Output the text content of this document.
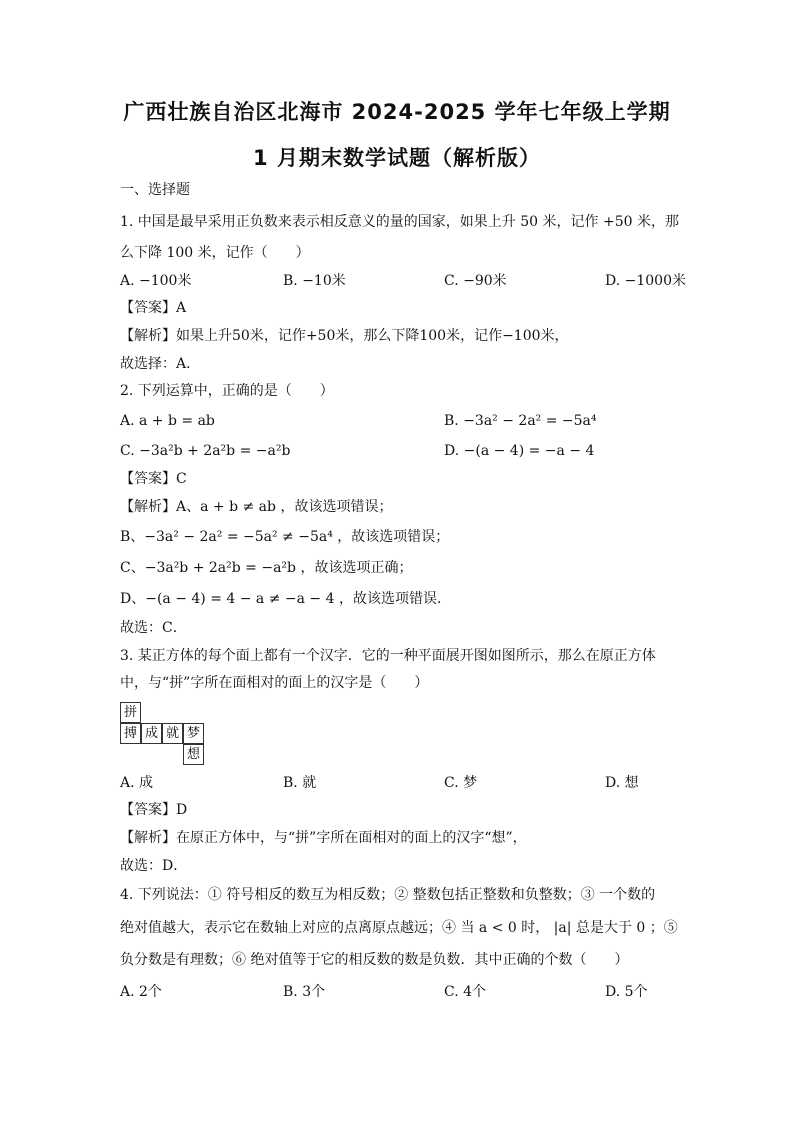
广西壮族自治区北海市 2024-2025 学年七年级上学期
1 月期末数学试题（解析版）
一、选择题
1. 中国是最早采用正负数来表示相反意义的量的国家，如果上升 50 米，记作 +50 米，那
么下降 100 米，记作（　　）
A. −100米	B. −10米	C. −90米	D. −1000米
【答案】A
【解析】如果上升50米，记作+50米，那么下降100米，记作−100米，
故选择：A．
2. 下列运算中，正确的是（　　）
A. a + b = ab	B. −3a² − 2a² = −5a⁴
C. −3a²b + 2a²b = −a²b	D. −(a − 4) = −a − 4
【答案】C
【解析】A、a + b ≠ ab ，故该选项错误；
B、−3a² − 2a² = −5a² ≠ −5a⁴ ，故该选项错误；
C、−3a²b + 2a²b = −a²b ，故该选项正确；
D、−(a − 4) = 4 − a ≠ −a − 4 ，故该选项错误．
故选：C．
3. 某正方体的每个面上都有一个汉字．它的一种平面展开图如图所示，那么在原正方体
中，与“拼”字所在面相对的面上的汉字是（　　）
拼
搏 成 就 梦
想
A. 成	B. 就	C. 梦	D. 想
【答案】D
【解析】在原正方体中，与“拼”字所在面相对的面上的汉字“想”，
故选：D．
4. 下列说法：① 符号相反的数互为相反数；② 整数包括正整数和负整数；③ 一个数的
绝对值越大，表示它在数轴上对应的点离原点越远；④ 当 a < 0 时， |a| 总是大于 0 ；⑤
负分数是有理数；⑥ 绝对值等于它的相反数的数是负数．其中正确的个数（　　）
A. 2个	B. 3个	C. 4个	D. 5个
